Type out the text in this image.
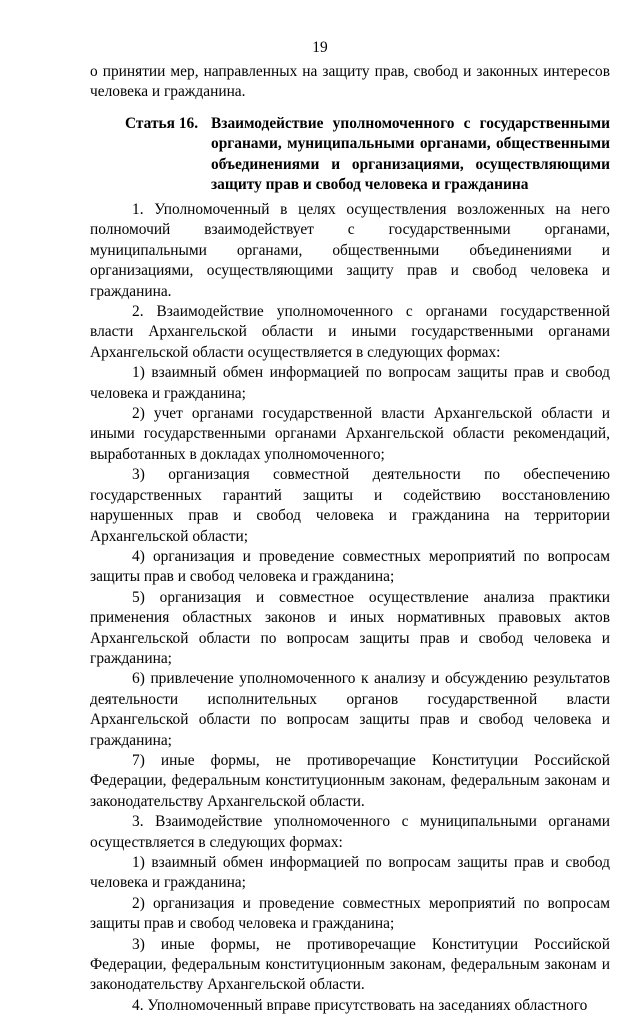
19

о принятии мер, направленных на защиту прав, свобод и законных интересов человека и гражданина.

Статья 16. Взаимодействие уполномоченного с государственными органами, муниципальными органами, общественными объединениями и организациями, осуществляющими защиту прав и свобод человека и гражданина

1. Уполномоченный в целях осуществления возложенных на него полномочий взаимодействует с государственными органами, муниципальными органами, общественными объединениями и организациями, осуществляющими защиту прав и свобод человека и гражданина.

2. Взаимодействие уполномоченного с органами государственной власти Архангельской области и иными государственными органами Архангельской области осуществляется в следующих формах:

1) взаимный обмен информацией по вопросам защиты прав и свобод человека и гражданина;

2) учет органами государственной власти Архангельской области и иными государственными органами Архангельской области рекомендаций, выработанных в докладах уполномоченного;

3) организация совместной деятельности по обеспечению государственных гарантий защиты и содействию восстановлению нарушенных прав и свобод человека и гражданина на территории Архангельской области;

4) организация и проведение совместных мероприятий по вопросам защиты прав и свобод человека и гражданина;

5) организация и совместное осуществление анализа практики применения областных законов и иных нормативных правовых актов Архангельской области по вопросам защиты прав и свобод человека и гражданина;

6) привлечение уполномоченного к анализу и обсуждению результатов деятельности исполнительных органов государственной власти Архангельской области по вопросам защиты прав и свобод человека и гражданина;

7) иные формы, не противоречащие Конституции Российской Федерации, федеральным конституционным законам, федеральным законам и законодательству Архангельской области.

3. Взаимодействие уполномоченного с муниципальными органами осуществляется в следующих формах:

1) взаимный обмен информацией по вопросам защиты прав и свобод человека и гражданина;

2) организация и проведение совместных мероприятий по вопросам защиты прав и свобод человека и гражданина;

3) иные формы, не противоречащие Конституции Российской Федерации, федеральным конституционным законам, федеральным законам и законодательству Архангельской области.

4. Уполномоченный вправе присутствовать на заседаниях областного
